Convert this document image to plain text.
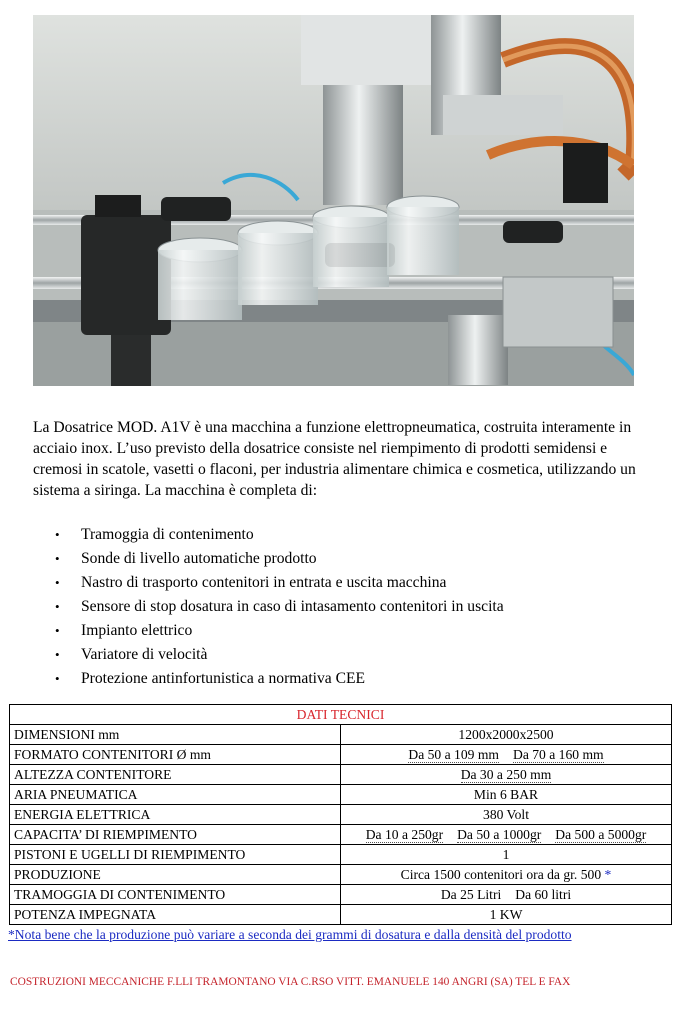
La Dosatrice MOD. A1V è una macchina a funzione elettropneumatica, costruita interamente in acciaio inox. L’uso previsto della dosatrice consiste nel riempimento di prodotti semidensi e cremosi in scatole, vasetti o flaconi, per industria alimentare chimica e cosmetica, utilizzando un sistema a siringa. La macchina è completa di:

• Tramoggia di contenimento
• Sonde di livello automatiche prodotto
• Nastro di trasporto contenitori in entrata e uscita macchina
• Sensore di stop dosatura in caso di intasamento contenitori in uscita
• Impianto elettrico
• Variatore di velocità
• Protezione antinfortunistica a normativa CEE
DATI TECNICI	
DIMENSIONI mm	1200x2000x2500
FORMATO CONTENITORI Ø mm	Da 50 a 109 mm Da 70 a 160 mm
ALTEZZA CONTENITORE	Da 30 a 250 mm
ARIA PNEUMATICA	Min 6 BAR
ENERGIA ELETTRICA	380 Volt
CAPACITA’ DI RIEMPIMENTO	Da 10 a 250gr Da 50 a 1000gr Da 500 a 5000gr
PISTONI E UGELLI DI RIEMPIMENTO	1
PRODUZIONE	Circa 1500 contenitori ora da gr. 500 *
TRAMOGGIA DI CONTENIMENTO	Da 25 Litri Da 60 litri
POTENZA IMPEGNATA	1 KW
*Nota bene che la produzione può variare a seconda dei grammi di dosatura e dalla densità del prodotto
COSTRUZIONI MECCANICHE F.LLI TRAMONTANO VIA C.RSO VITT. EMANUELE 140 ANGRI (SA) TEL E FAX
